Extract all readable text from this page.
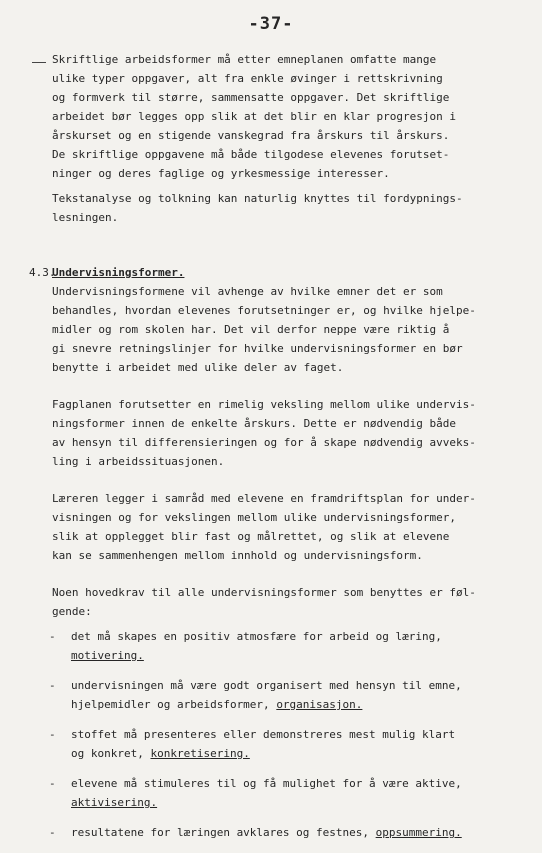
-37-

Skriftlige arbeidsformer må etter emneplanen omfatte mange
ulike typer oppgaver, alt fra enkle øvinger i rettskrivning
og formverk til større, sammensatte oppgaver. Det skriftlige
arbeidet bør legges opp slik at det blir en klar progresjon i
årskurset og en stigende vanskegrad fra årskurs til årskurs.
De skriftlige oppgavene må både tilgodese elevenes forutset-
ninger og deres faglige og yrkesmessige interesser.

Tekstanalyse og tolkning kan naturlig knyttes til fordypnings-
lesningen.

4.3.
Undervisningsformer.

Undervisningsformene vil avhenge av hvilke emner det er som
behandles, hvordan elevenes forutsetninger er, og hvilke hjelpe-
midler og rom skolen har. Det vil derfor neppe være riktig å
gi snevre retningslinjer for hvilke undervisningsformer en bør
benytte i arbeidet med ulike deler av faget.

Fagplanen forutsetter en rimelig veksling mellom ulike undervis-
ningsformer innen de enkelte årskurs. Dette er nødvendig både
av hensyn til differensieringen og for å skape nødvendig avveks-
ling i arbeidssituasjonen.

Læreren legger i samråd med elevene en framdriftsplan for under-
visningen og for vekslingen mellom ulike undervisningsformer,
slik at opplegget blir fast og målrettet, og slik at elevene
kan se sammenhengen mellom innhold og undervisningsform.

Noen hovedkrav til alle undervisningsformer som benyttes er føl-
gende:

- det må skapes en positiv atmosfære for arbeid og læring,
motivering.
- undervisningen må være godt organisert med hensyn til emne,
hjelpemidler og arbeidsformer, organisasjon.
- stoffet må presenteres eller demonstreres mest mulig klart
og konkret, konkretisering.
- elevene må stimuleres til og få mulighet for å være aktive,
aktivisering.
- resultatene for læringen avklares og festnes, oppsummering.
